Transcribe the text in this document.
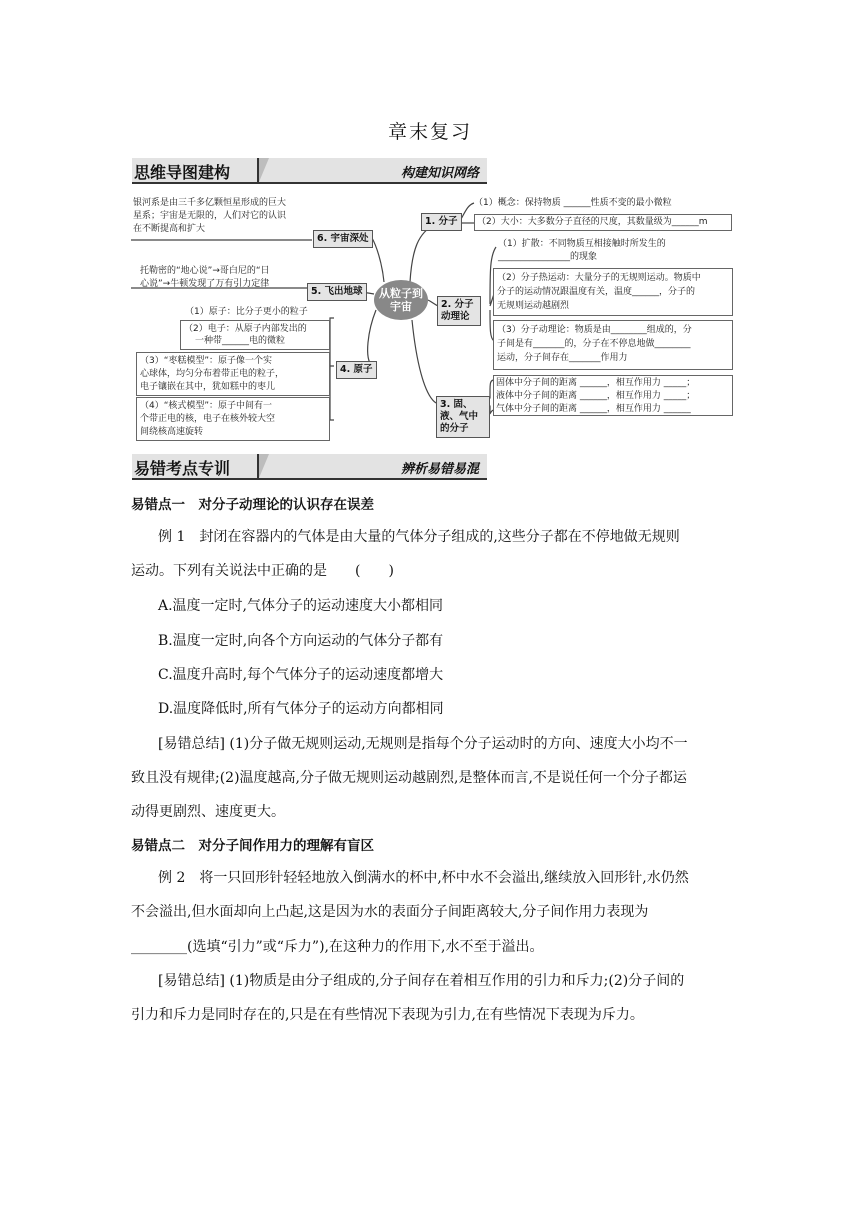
章末复习
思维导图建构	构建知识网络
从粒子到宇宙
1. 分子
2. 分子动理论
3. 固、液、气中的分子
4. 原子
5. 飞出地球
6. 宇宙深处
（1）概念：保持物质 ______性质不变的最小微粒
（2）大小：大多数分子直径的尺度，其数量级为______m
（1）扩散：不同物质互相接触时所发生的
________________的现象
（2）分子热运动：大量分子的无规则运动。物质中
分子的运动情况跟温度有关，温度______，分子的
无规则运动越剧烈
（3）分子动理论：物质是由________组成的，分
子间是有_______的，分子在不停息地做________
运动，分子间存在_______作用力
固体中分子间的距离 ______，相互作用力 _____；
液体中分子间的距离 ______，相互作用力 _____；
气体中分子间的距离 ______，相互作用力 ______
（1）原子：比分子更小的粒子
（2）电子：从原子内部发出的
一种带______电的微粒
（3）“枣糕模型”：原子像一个实
心球体，均匀分布着带正电的粒子，
电子镶嵌在其中，犹如糕中的枣儿
（4）“核式模型”：原子中间有一
个带正电的核，电子在核外较大空
间绕核高速旋转
托勒密的“地心说”→哥白尼的“日
心说”→牛顿发现了万有引力定律
银河系是由三千多亿颗恒星形成的巨大
星系；宇宙是无限的，人们对它的认识
在不断提高和扩大
易错考点专训	辨析易错易混
易错点一　对分子动理论的认识存在误差
例 1　封闭在容器内的气体是由大量的气体分子组成的,这些分子都在不停地做无规则
运动。下列有关说法中正确的是　　(　　)
A.温度一定时,气体分子的运动速度大小都相同
B.温度一定时,向各个方向运动的气体分子都有
C.温度升高时,每个气体分子的运动速度都增大
D.温度降低时,所有气体分子的运动方向都相同
[易错总结] (1)分子做无规则运动,无规则是指每个分子运动时的方向、速度大小均不一
致且没有规律;(2)温度越高,分子做无规则运动越剧烈,是整体而言,不是说任何一个分子都运
动得更剧烈、速度更大。
易错点二　对分子间作用力的理解有盲区
例 2　将一只回形针轻轻地放入倒满水的杯中,杯中水不会溢出,继续放入回形针,水仍然
不会溢出,但水面却向上凸起,这是因为水的表面分子间距离较大,分子间作用力表现为
________(选填“引力”或“斥力”),在这种力的作用下,水不至于溢出。
[易错总结] (1)物质是由分子组成的,分子间存在着相互作用的引力和斥力;(2)分子间的
引力和斥力是同时存在的,只是在有些情况下表现为引力,在有些情况下表现为斥力。
